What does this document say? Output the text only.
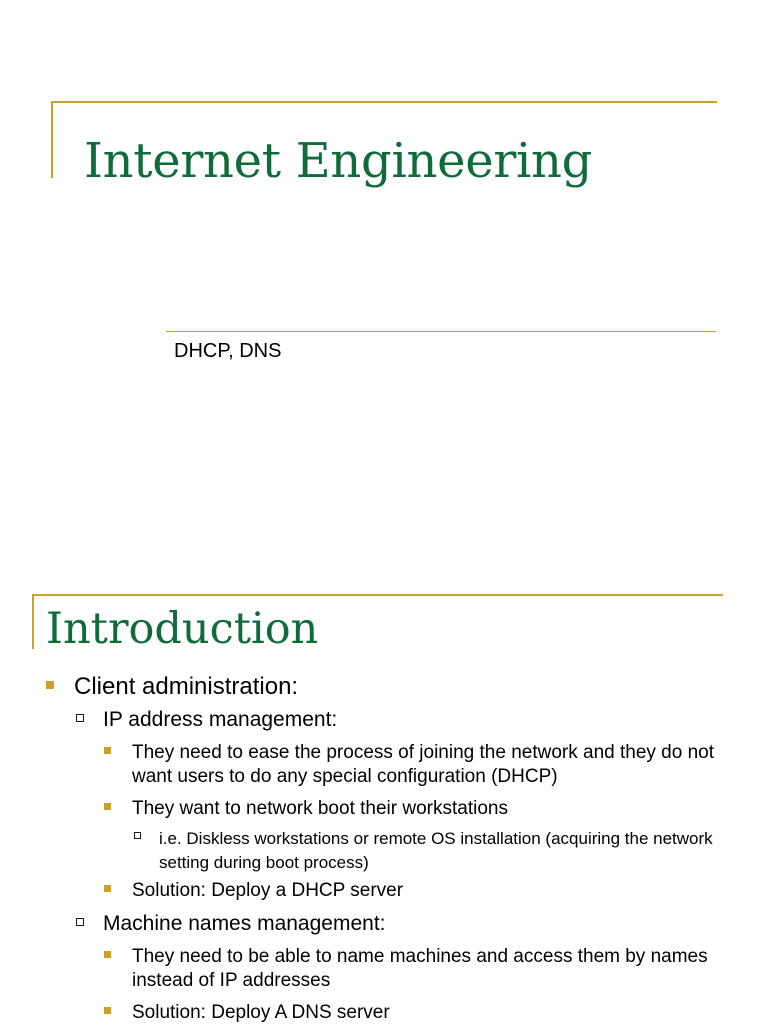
Internet Engineering
DHCP, DNS
Introduction
Client administration:
IP address management:
They need to ease the process of joining the network and they do not want users to do any special configuration (DHCP)
They want to network boot their workstations
i.e. Diskless workstations or remote OS installation (acquiring the network setting during boot process)
Solution: Deploy a DHCP server
Machine names management:
They need to be able to name machines and access them by names instead of IP addresses
Solution: Deploy A DNS server
